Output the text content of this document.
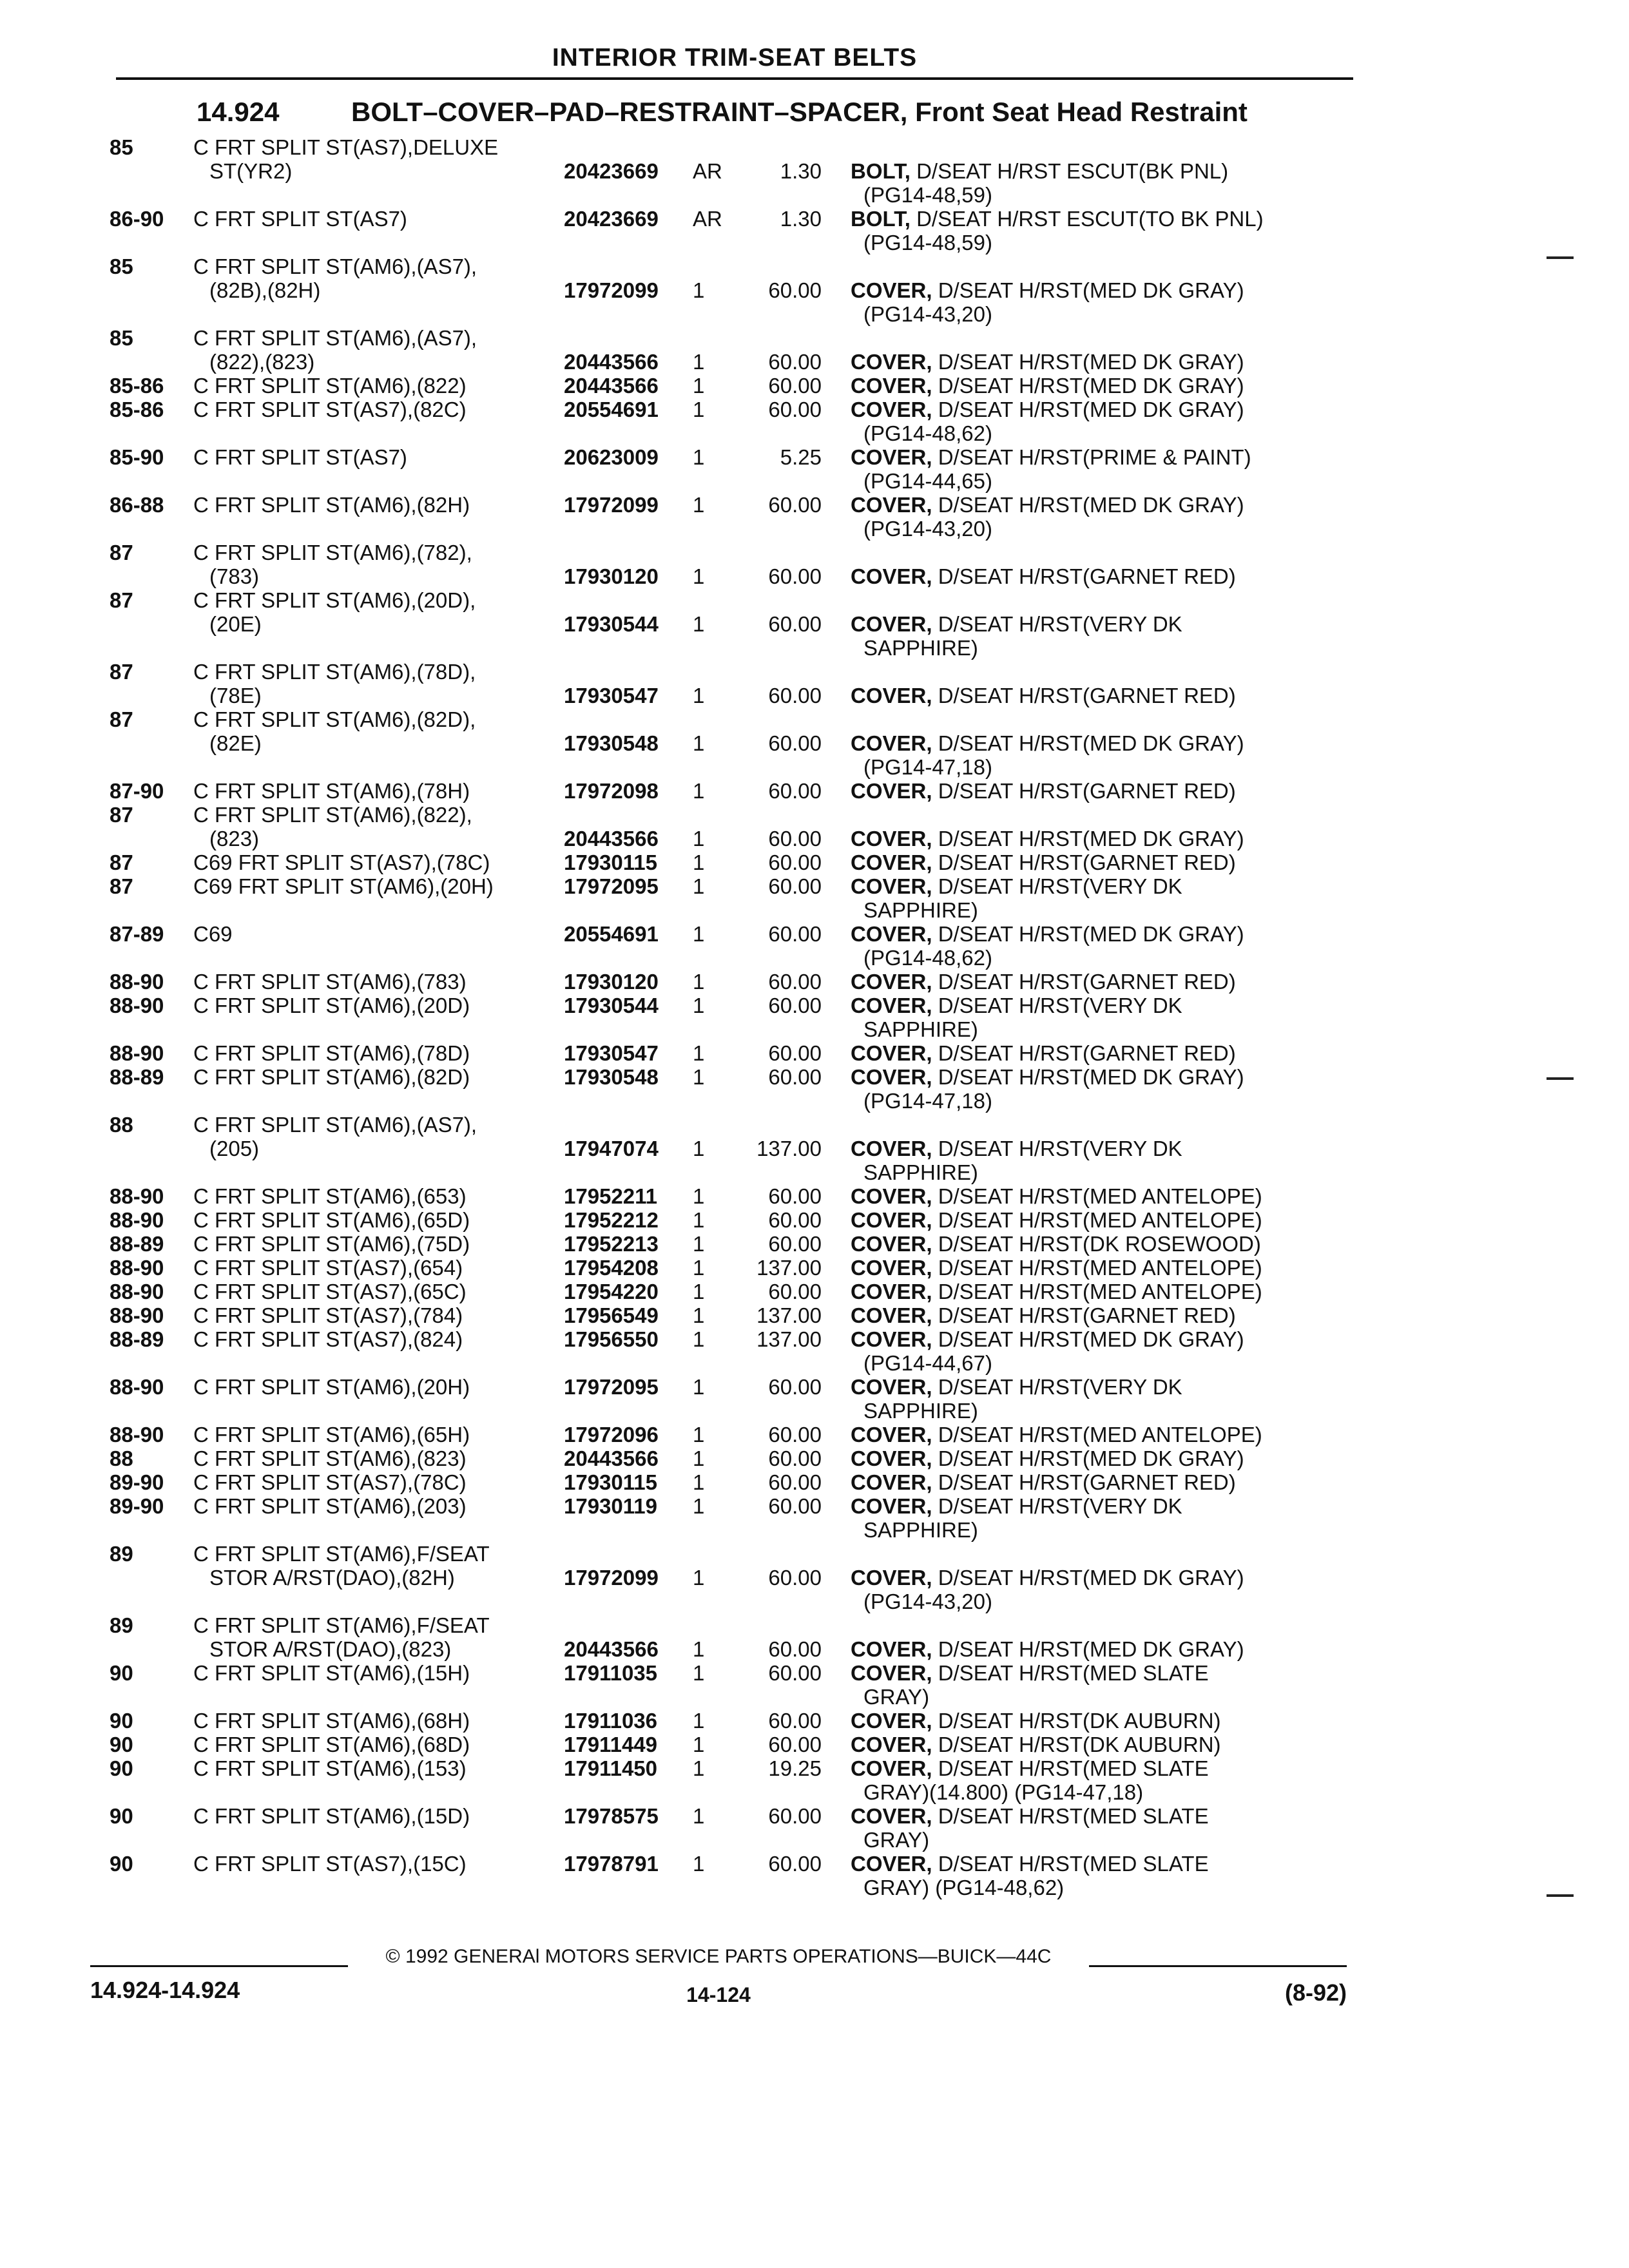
INTERIOR TRIM-SEAT BELTS
14.924	BOLT–COVER–PAD–RESTRAINT–SPACER, Front Seat Head Restraint
85	C FRT SPLIT ST(AS7),DELUXE
ST(YR2)	20423669	AR	1.30	BOLT, D/SEAT H/RST ESCUT(BK PNL)
(PG14-48,59)
86-90	C FRT SPLIT ST(AS7)	20423669	AR	1.30	BOLT, D/SEAT H/RST ESCUT(TO BK PNL)
(PG14-48,59)
85	C FRT SPLIT ST(AM6),(AS7),
(82B),(82H)	17972099	1	60.00	COVER, D/SEAT H/RST(MED DK GRAY)
(PG14-43,20)
85	C FRT SPLIT ST(AM6),(AS7),
(822),(823)	20443566	1	60.00	COVER, D/SEAT H/RST(MED DK GRAY)
85-86	C FRT SPLIT ST(AM6),(822)	20443566	1	60.00	COVER, D/SEAT H/RST(MED DK GRAY)
85-86	C FRT SPLIT ST(AS7),(82C)	20554691	1	60.00	COVER, D/SEAT H/RST(MED DK GRAY)
(PG14-48,62)
85-90	C FRT SPLIT ST(AS7)	20623009	1	5.25	COVER, D/SEAT H/RST(PRIME & PAINT)
(PG14-44,65)
86-88	C FRT SPLIT ST(AM6),(82H)	17972099	1	60.00	COVER, D/SEAT H/RST(MED DK GRAY)
(PG14-43,20)
87	C FRT SPLIT ST(AM6),(782),
(783)	17930120	1	60.00	COVER, D/SEAT H/RST(GARNET RED)
87	C FRT SPLIT ST(AM6),(20D),
(20E)	17930544	1	60.00	COVER, D/SEAT H/RST(VERY DK
SAPPHIRE)
87	C FRT SPLIT ST(AM6),(78D),
(78E)	17930547	1	60.00	COVER, D/SEAT H/RST(GARNET RED)
87	C FRT SPLIT ST(AM6),(82D),
(82E)	17930548	1	60.00	COVER, D/SEAT H/RST(MED DK GRAY)
(PG14-47,18)
87-90	C FRT SPLIT ST(AM6),(78H)	17972098	1	60.00	COVER, D/SEAT H/RST(GARNET RED)
87	C FRT SPLIT ST(AM6),(822),
(823)	20443566	1	60.00	COVER, D/SEAT H/RST(MED DK GRAY)
87	C69 FRT SPLIT ST(AS7),(78C)	17930115	1	60.00	COVER, D/SEAT H/RST(GARNET RED)
87	C69 FRT SPLIT ST(AM6),(20H)	17972095	1	60.00	COVER, D/SEAT H/RST(VERY DK
SAPPHIRE)
87-89	C69	20554691	1	60.00	COVER, D/SEAT H/RST(MED DK GRAY)
(PG14-48,62)
88-90	C FRT SPLIT ST(AM6),(783)	17930120	1	60.00	COVER, D/SEAT H/RST(GARNET RED)
88-90	C FRT SPLIT ST(AM6),(20D)	17930544	1	60.00	COVER, D/SEAT H/RST(VERY DK
SAPPHIRE)
88-90	C FRT SPLIT ST(AM6),(78D)	17930547	1	60.00	COVER, D/SEAT H/RST(GARNET RED)
88-89	C FRT SPLIT ST(AM6),(82D)	17930548	1	60.00	COVER, D/SEAT H/RST(MED DK GRAY)
(PG14-47,18)
88	C FRT SPLIT ST(AM6),(AS7),
(205)	17947074	1	137.00	COVER, D/SEAT H/RST(VERY DK
SAPPHIRE)
88-90	C FRT SPLIT ST(AM6),(653)	17952211	1	60.00	COVER, D/SEAT H/RST(MED ANTELOPE)
88-90	C FRT SPLIT ST(AM6),(65D)	17952212	1	60.00	COVER, D/SEAT H/RST(MED ANTELOPE)
88-89	C FRT SPLIT ST(AM6),(75D)	17952213	1	60.00	COVER, D/SEAT H/RST(DK ROSEWOOD)
88-90	C FRT SPLIT ST(AS7),(654)	17954208	1	137.00	COVER, D/SEAT H/RST(MED ANTELOPE)
88-90	C FRT SPLIT ST(AS7),(65C)	17954220	1	60.00	COVER, D/SEAT H/RST(MED ANTELOPE)
88-90	C FRT SPLIT ST(AS7),(784)	17956549	1	137.00	COVER, D/SEAT H/RST(GARNET RED)
88-89	C FRT SPLIT ST(AS7),(824)	17956550	1	137.00	COVER, D/SEAT H/RST(MED DK GRAY)
(PG14-44,67)
88-90	C FRT SPLIT ST(AM6),(20H)	17972095	1	60.00	COVER, D/SEAT H/RST(VERY DK
SAPPHIRE)
88-90	C FRT SPLIT ST(AM6),(65H)	17972096	1	60.00	COVER, D/SEAT H/RST(MED ANTELOPE)
88	C FRT SPLIT ST(AM6),(823)	20443566	1	60.00	COVER, D/SEAT H/RST(MED DK GRAY)
89-90	C FRT SPLIT ST(AS7),(78C)	17930115	1	60.00	COVER, D/SEAT H/RST(GARNET RED)
89-90	C FRT SPLIT ST(AM6),(203)	17930119	1	60.00	COVER, D/SEAT H/RST(VERY DK
SAPPHIRE)
89	C FRT SPLIT ST(AM6),F/SEAT
STOR A/RST(DAO),(82H)	17972099	1	60.00	COVER, D/SEAT H/RST(MED DK GRAY)
(PG14-43,20)
89	C FRT SPLIT ST(AM6),F/SEAT
STOR A/RST(DAO),(823)	20443566	1	60.00	COVER, D/SEAT H/RST(MED DK GRAY)
90	C FRT SPLIT ST(AM6),(15H)	17911035	1	60.00	COVER, D/SEAT H/RST(MED SLATE
GRAY)
90	C FRT SPLIT ST(AM6),(68H)	17911036	1	60.00	COVER, D/SEAT H/RST(DK AUBURN)
90	C FRT SPLIT ST(AM6),(68D)	17911449	1	60.00	COVER, D/SEAT H/RST(DK AUBURN)
90	C FRT SPLIT ST(AM6),(153)	17911450	1	19.25	COVER, D/SEAT H/RST(MED SLATE
GRAY)(14.800) (PG14-47,18)
90	C FRT SPLIT ST(AM6),(15D)	17978575	1	60.00	COVER, D/SEAT H/RST(MED SLATE
GRAY)
90	C FRT SPLIT ST(AS7),(15C)	17978791	1	60.00	COVER, D/SEAT H/RST(MED SLATE
GRAY) (PG14-48,62)
© 1992 GENERAl MOTORS SERVICE PARTS OPERATIONS—BUICK—44C
14.924-14.924	14-124	(8-92)
